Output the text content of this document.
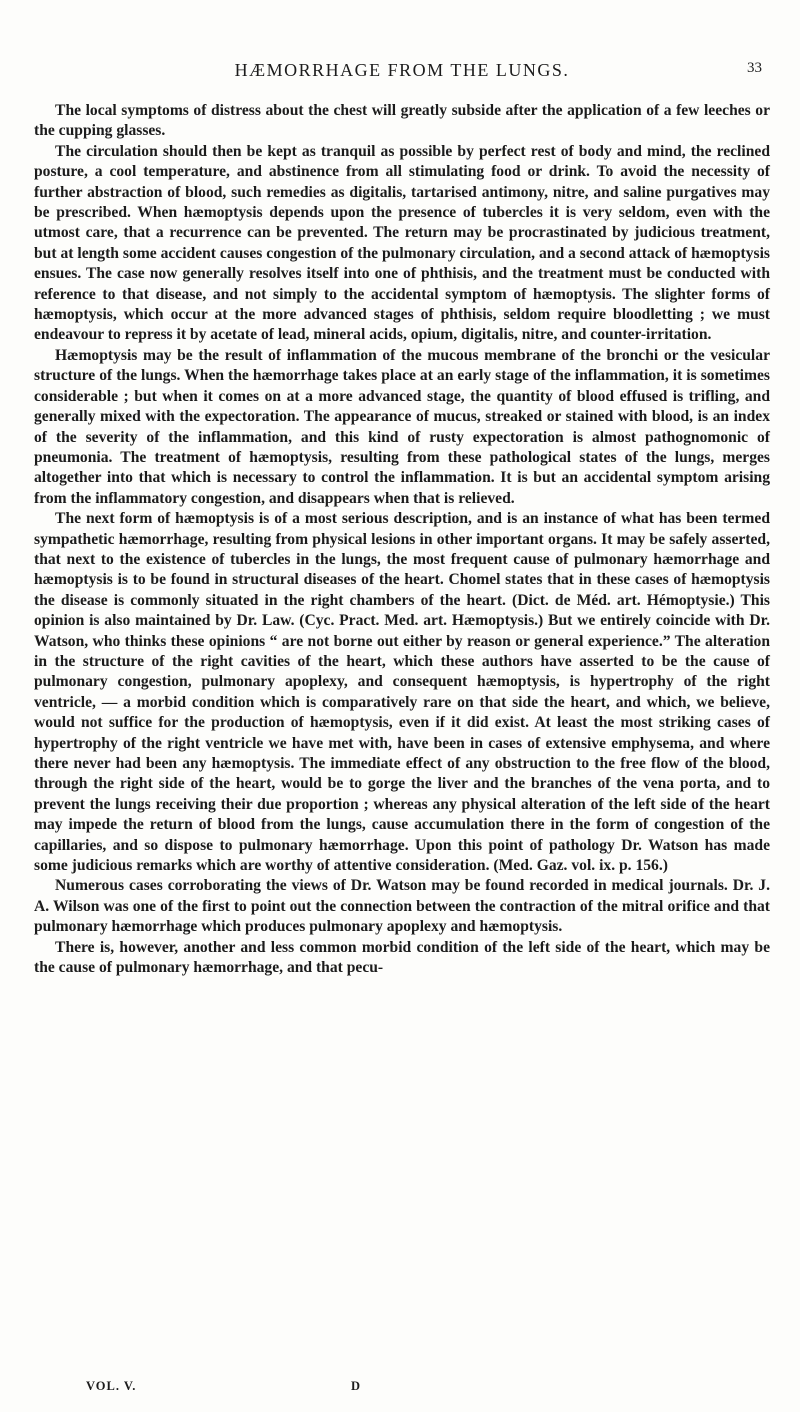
HÆMORRHAGE FROM THE LUNGS.	33

The local symptoms of distress about the chest will greatly subside after the application of a few leeches or the cupping glasses.

The circulation should then be kept as tranquil as possible by perfect rest of body and mind, the reclined posture, a cool temperature, and abstinence from all stimulating food or drink. To avoid the necessity of further abstraction of blood, such remedies as digitalis, tartarised antimony, nitre, and saline purgatives may be prescribed. When hæmoptysis depends upon the presence of tubercles it is very seldom, even with the utmost care, that a recurrence can be prevented. The return may be procrastinated by judicious treatment, but at length some accident causes congestion of the pulmonary circulation, and a second attack of hæmoptysis ensues. The case now generally resolves itself into one of phthisis, and the treatment must be conducted with reference to that disease, and not simply to the accidental symptom of hæmoptysis. The slighter forms of hæmoptysis, which occur at the more advanced stages of phthisis, seldom require bloodletting ; we must endeavour to repress it by acetate of lead, mineral acids, opium, digitalis, nitre, and counter-irritation.

Hæmoptysis may be the result of inflammation of the mucous membrane of the bronchi or the vesicular structure of the lungs. When the hæmorrhage takes place at an early stage of the inflammation, it is sometimes considerable ; but when it comes on at a more advanced stage, the quantity of blood effused is trifling, and generally mixed with the expectoration. The appearance of mucus, streaked or stained with blood, is an index of the severity of the inflammation, and this kind of rusty expectoration is almost pathognomonic of pneumonia. The treatment of hæmoptysis, resulting from these pathological states of the lungs, merges altogether into that which is necessary to control the inflammation. It is but an accidental symptom arising from the inflammatory congestion, and disappears when that is relieved.

The next form of hæmoptysis is of a most serious description, and is an instance of what has been termed sympathetic hæmorrhage, resulting from physical lesions in other important organs. It may be safely asserted, that next to the existence of tubercles in the lungs, the most frequent cause of pulmonary hæmorrhage and hæmoptysis is to be found in structural diseases of the heart. Chomel states that in these cases of hæmoptysis the disease is commonly situated in the right chambers of the heart. (Dict. de Méd. art. Hémoptysie.) This opinion is also maintained by Dr. Law. (Cyc. Pract. Med. art. Hæmoptysis.) But we entirely coincide with Dr. Watson, who thinks these opinions “ are not borne out either by reason or general experience.” The alteration in the structure of the right cavities of the heart, which these authors have asserted to be the cause of pulmonary congestion, pulmonary apoplexy, and consequent hæmoptysis, is hypertrophy of the right ventricle, — a morbid condition which is comparatively rare on that side the heart, and which, we believe, would not suffice for the production of hæmoptysis, even if it did exist. At least the most striking cases of hypertrophy of the right ventricle we have met with, have been in cases of extensive emphysema, and where there never had been any hæmoptysis. The immediate effect of any obstruction to the free flow of the blood, through the right side of the heart, would be to gorge the liver and the branches of the vena porta, and to prevent the lungs receiving their due proportion ; whereas any physical alteration of the left side of the heart may impede the return of blood from the lungs, cause accumulation there in the form of congestion of the capillaries, and so dispose to pulmonary hæmorrhage. Upon this point of pathology Dr. Watson has made some judicious remarks which are worthy of attentive consideration. (Med. Gaz. vol. ix. p. 156.)

Numerous cases corroborating the views of Dr. Watson may be found recorded in medical journals. Dr. J. A. Wilson was one of the first to point out the connection between the contraction of the mitral orifice and that pulmonary hæmorrhage which produces pulmonary apoplexy and hæmoptysis.

There is, however, another and less common morbid condition of the left side of the heart, which may be the cause of pulmonary hæmorrhage, and that pecu-

VOL. V.	D
